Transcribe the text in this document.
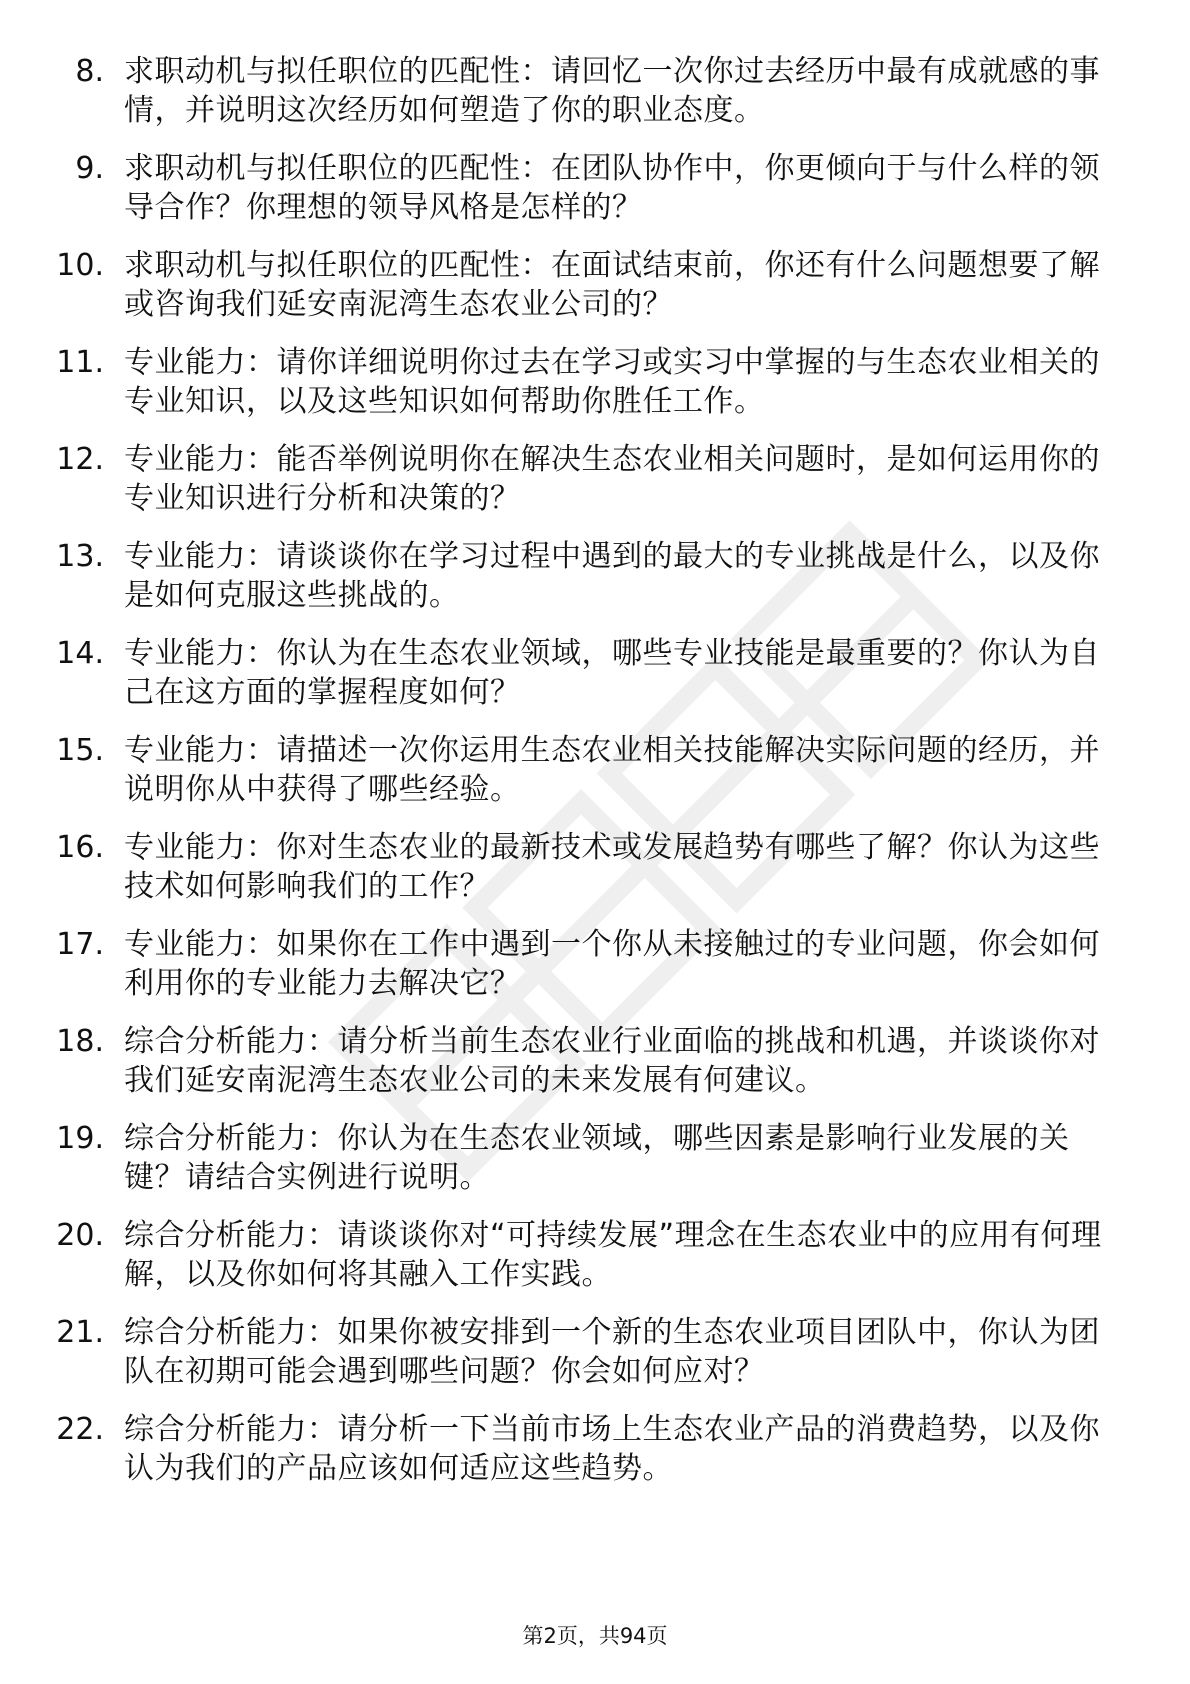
8. 求职动机与拟任职位的匹配性：请回忆一次你过去经历中最有成就感的事情，并说明这次经历如何塑造了你的职业态度。
9. 求职动机与拟任职位的匹配性：在团队协作中，你更倾向于与什么样的领导合作？你理想的领导风格是怎样的？
10. 求职动机与拟任职位的匹配性：在面试结束前，你还有什么问题想要了解或咨询我们延安南泥湾生态农业公司的？
11. 专业能力：请你详细说明你过去在学习或实习中掌握的与生态农业相关的专业知识，以及这些知识如何帮助你胜任工作。
12. 专业能力：能否举例说明你在解决生态农业相关问题时，是如何运用你的专业知识进行分析和决策的？
13. 专业能力：请谈谈你在学习过程中遇到的最大的专业挑战是什么，以及你是如何克服这些挑战的。
14. 专业能力：你认为在生态农业领域，哪些专业技能是最重要的？你认为自己在这方面的掌握程度如何？
15. 专业能力：请描述一次你运用生态农业相关技能解决实际问题的经历，并说明你从中获得了哪些经验。
16. 专业能力：你对生态农业的最新技术或发展趋势有哪些了解？你认为这些技术如何影响我们的工作？
17. 专业能力：如果你在工作中遇到一个你从未接触过的专业问题，你会如何利用你的专业能力去解决它？
18. 综合分析能力：请分析当前生态农业行业面临的挑战和机遇，并谈谈你对我们延安南泥湾生态农业公司的未来发展有何建议。
19. 综合分析能力：你认为在生态农业领域，哪些因素是影响行业发展的关键？请结合实例进行说明。
20. 综合分析能力：请谈谈你对“可持续发展”理念在生态农业中的应用有何理解，以及你如何将其融入工作实践。
21. 综合分析能力：如果你被安排到一个新的生态农业项目团队中，你认为团队在初期可能会遇到哪些问题？你会如何应对？
22. 综合分析能力：请分析一下当前市场上生态农业产品的消费趋势，以及你认为我们的产品应该如何适应这些趋势。
第2页，共94页
